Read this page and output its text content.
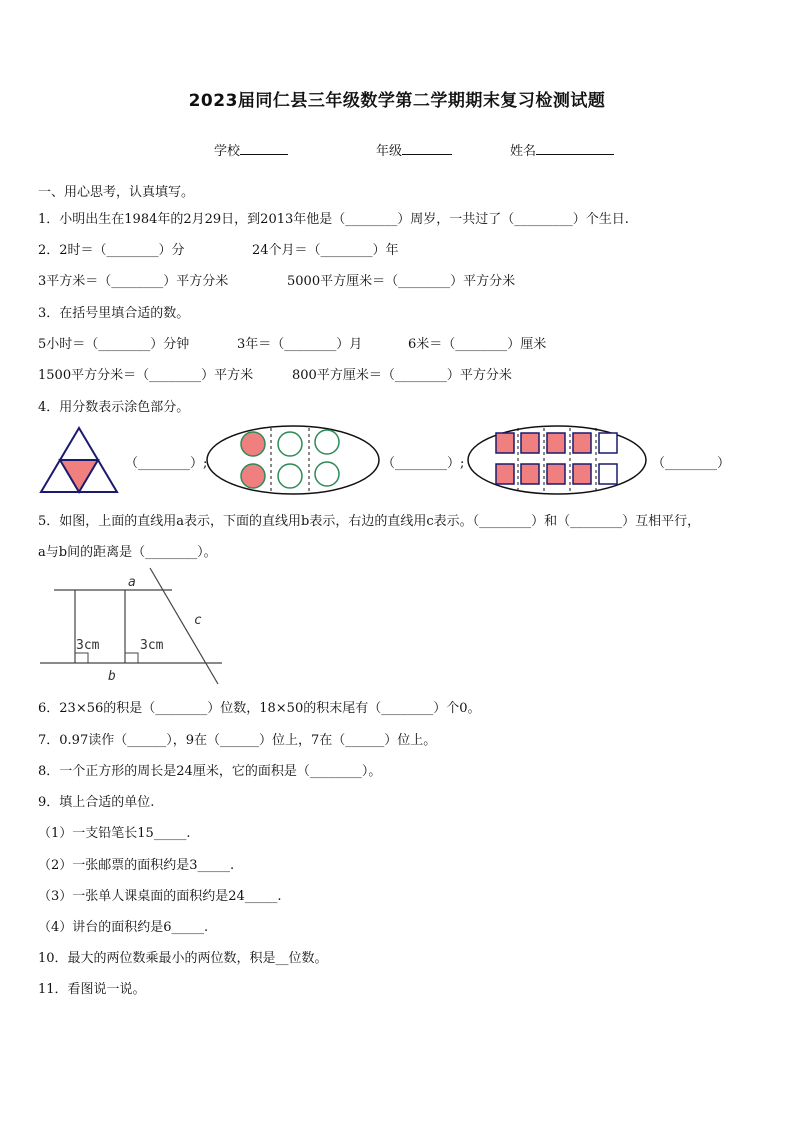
2023届同仁县三年级数学第二学期期末复习检测试题
学校	年级	姓名
一、用心思考，认真填写。
1．小明出生在1984年的2月29日，到2013年他是（________）周岁，一共过了（_________）个生日.
2．2时＝（________）分	24个月＝（________）年
3平方米＝（________）平方分米	5000平方厘米＝（________）平方分米
3．在括号里填合适的数。
5小时＝（________）分钟	3年＝（________）月	6米＝（________）厘米
1500平方分米＝（________）平方米	800平方厘米＝（________）平方分米
4．用分数表示涂色部分。
（________）;	（________）;	（________）
5．如图，上面的直线用a表示，下面的直线用b表示，右边的直线用c表示。（________）和（________）互相平行，
a与b间的距离是（________）。
a
b
c
3cm	3cm
6．23×56的积是（________）位数，18×50的积末尾有（________）个0。
7．0.97读作（______），9在（______）位上，7在（______）位上。
8．一个正方形的周长是24厘米，它的面积是（________）。
9．填上合适的单位.
（1）一支铅笔长15_____.
（2）一张邮票的面积约是3_____.
（3）一张单人课桌面的面积约是24_____.
（4）讲台的面积约是6_____.
10．最大的两位数乘最小的两位数，积是__位数。
11．看图说一说。
